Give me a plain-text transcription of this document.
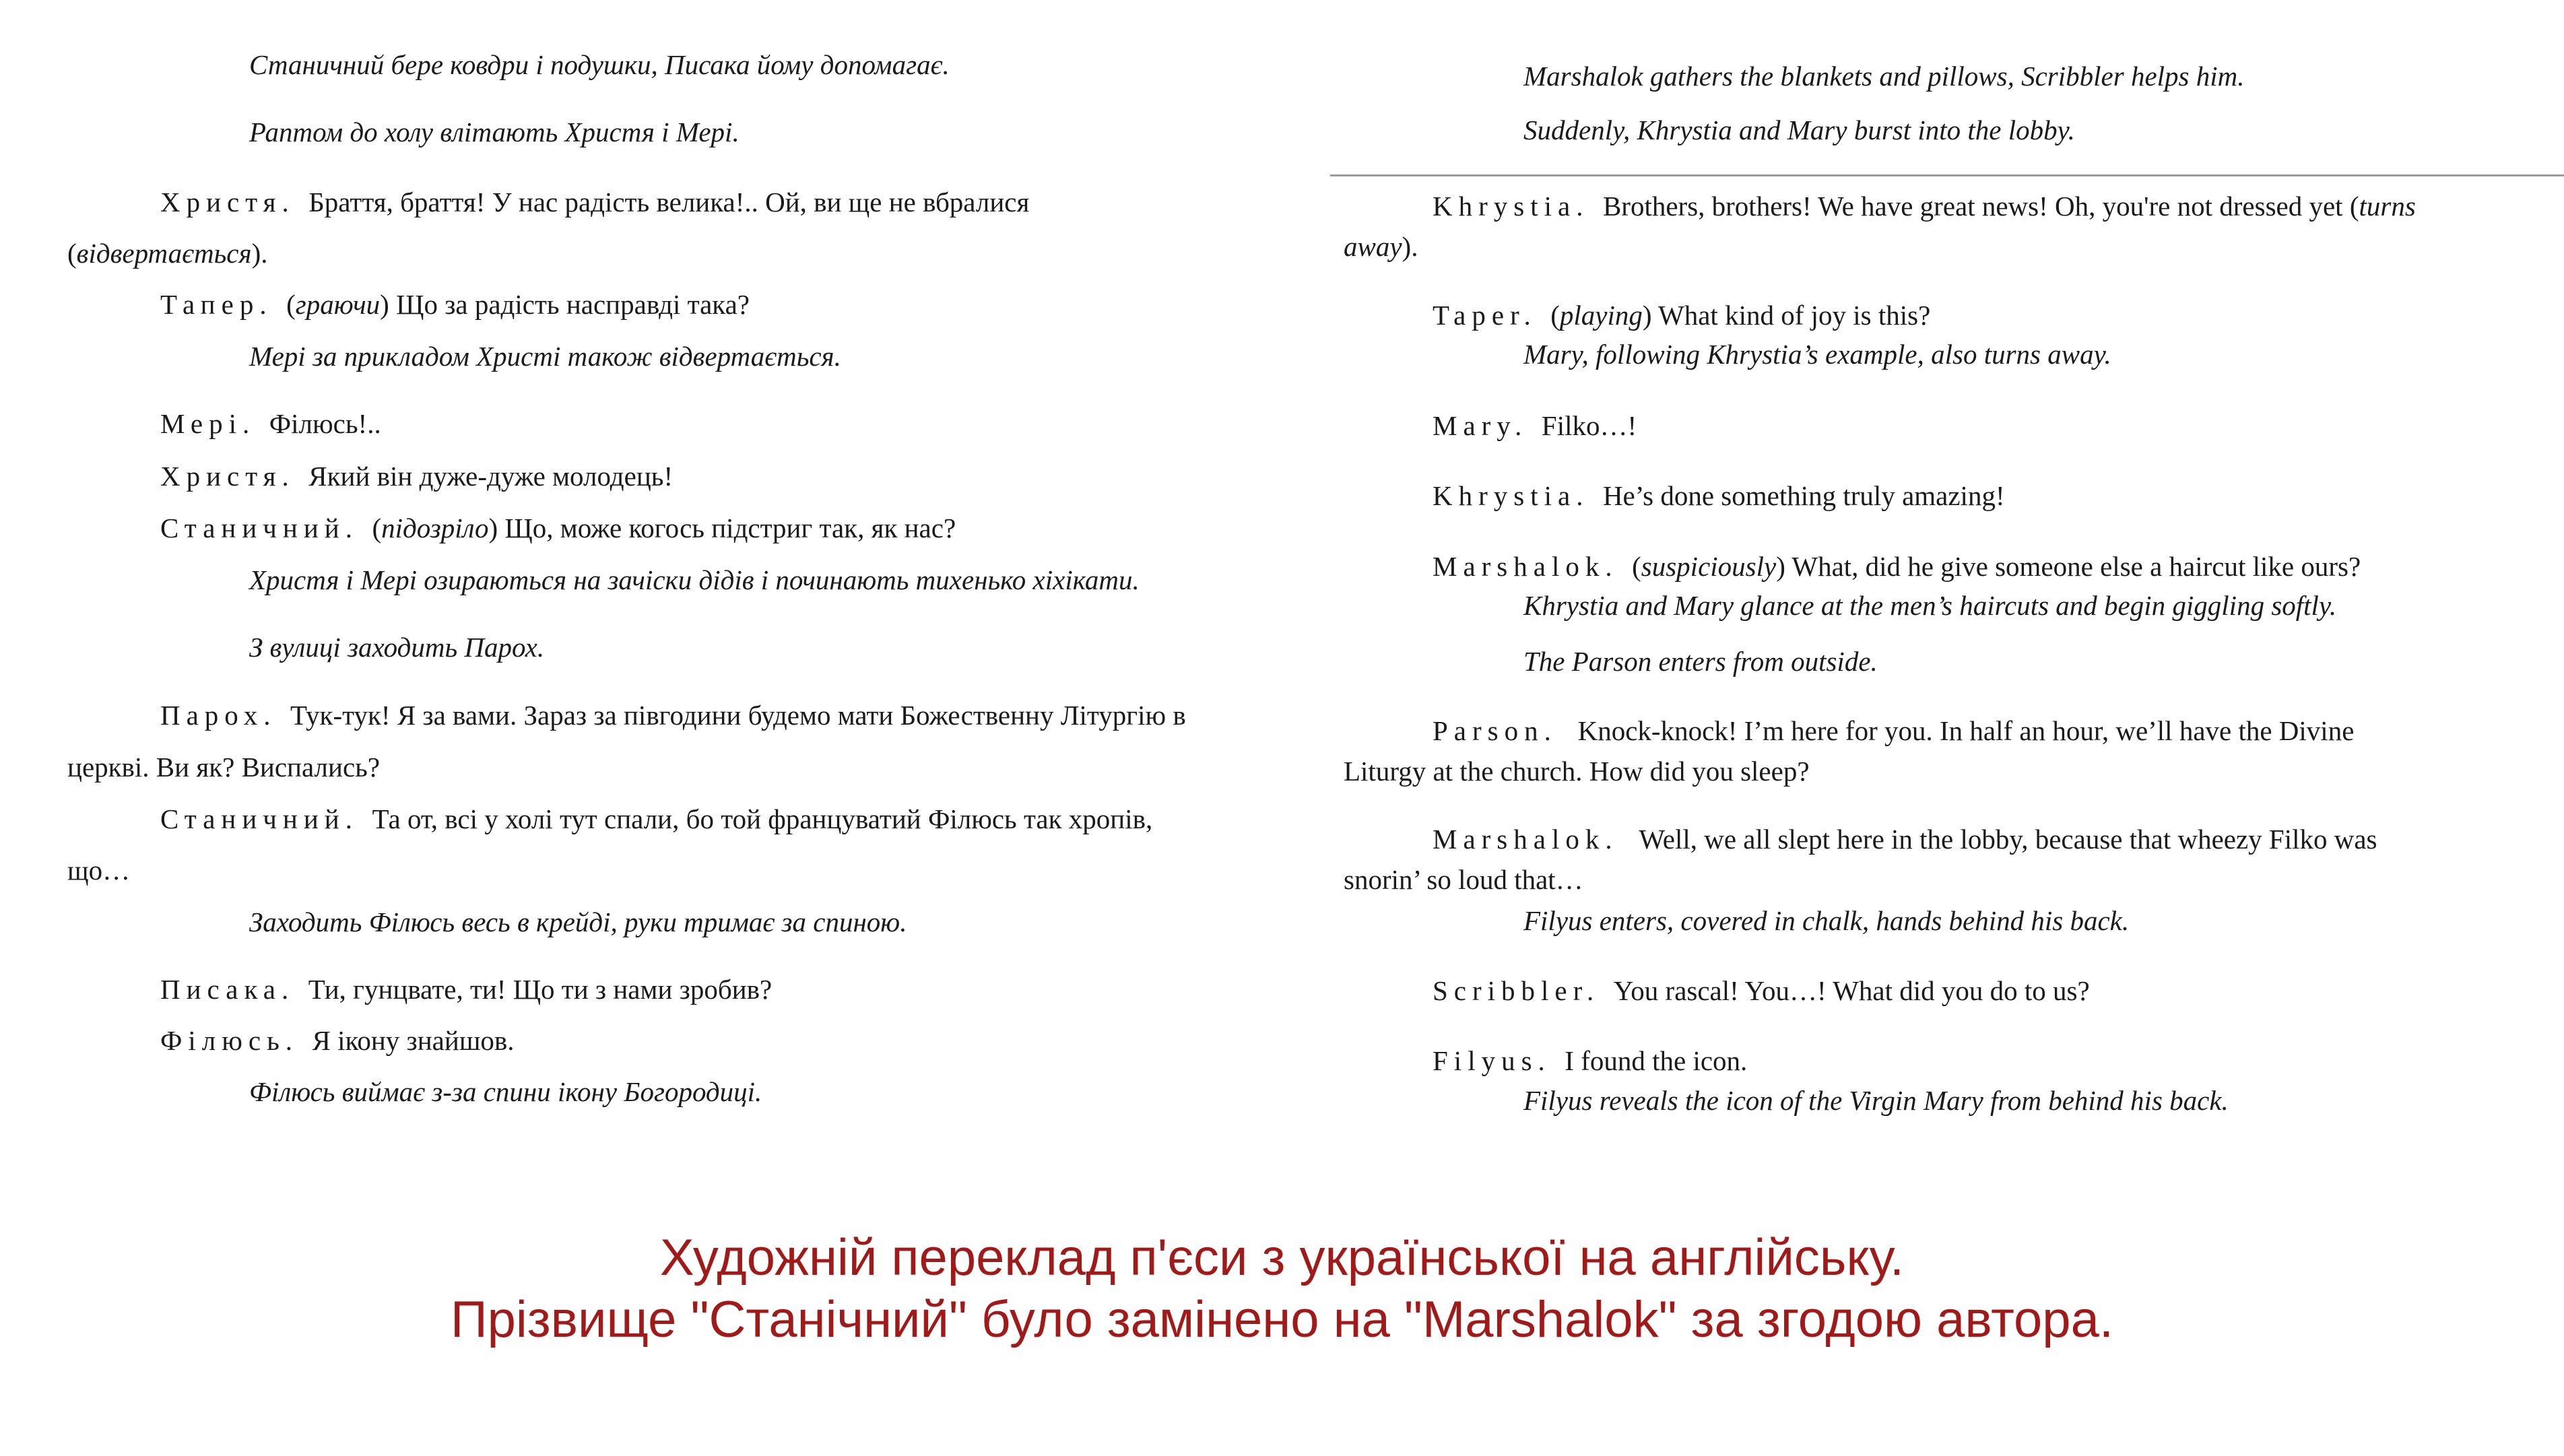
Станичний бере ковдри і подушки, Писака йому допомагає.
Раптом до холу влітають Христя і Мері.
Христя. Браття, браття! У нас радість велика!.. Ой, ви ще не вбралися
(відвертається).
Тапер.  (граючи) Що за радість насправді така?
Мері за прикладом Христі також відвертається.
Мері. Філюсь!..
Христя. Який він дуже-дуже молодець!
Станичний.  (підозріло) Що, може когось підстриг так, як нас?
Христя і Мері озираються на зачіски дідів і починають тихенько хіхікати.
З вулиці заходить Парох.
Парох. Тук-тук! Я за вами. Зараз за півгодини будемо мати Божественну Літургію в
церкві. Ви як? Виспались?
Станичний. Та от, всі у холі тут спали, бо той француватий Філюсь так хропів,
що…
Заходить Філюсь весь в крейді, руки тримає за спиною.
Писака. Ти, гунцвате, ти! Що ти з нами зробив?
Філюсь. Я ікону знайшов.
Філюсь виймає з-за спини ікону Богородиці.
Marshalok gathers the blankets and pillows, Scribbler helps him.
Suddenly, Khrystia and Mary burst into the lobby.
Khrystia. Brothers, brothers! We have great news! Oh, you're not dressed yet (turns
away).
Taper.  (playing) What kind of joy is this?
Mary, following Khrystia’s example, also turns away.
Mary. Filko…!
Khrystia. He’s done something truly amazing!
Marshalok.  (suspiciously) What, did he give someone else a haircut like ours?
Khrystia and Mary glance at the men’s haircuts and begin giggling softly.
The Parson enters from outside.
Parson. Knock-knock! I’m here for you. In half an hour, we’ll have the Divine
Liturgy at the church. How did you sleep?
Marshalok. Well, we all slept here in the lobby, because that wheezy Filko was
snorin’ so loud that…
Filyus enters, covered in chalk, hands behind his back.
Scribbler. You rascal! You…! What did you do to us?
Filyus. I found the icon.
Filyus reveals the icon of the Virgin Mary from behind his back.
Художній переклад п'єси з української на англійську.
Прізвище "Станічний" було замінено на "Marshalok" за згодою автора.
